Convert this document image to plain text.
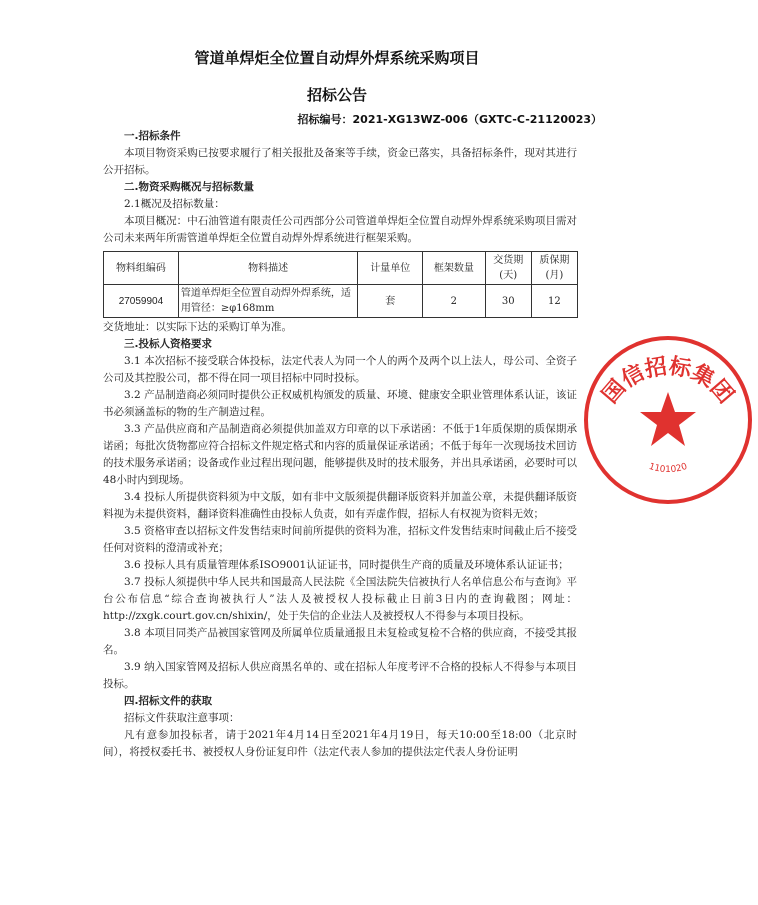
管道单焊炬全位置自动焊外焊系统采购项目
招标公告
招标编号：2021-XG13WZ-006（GXTC-C-21120023）

一.招标条件

本项目物资采购已按要求履行了相关报批及备案等手续，资金已落实，具备招标条件，现对其进行公开招标。

二.物资采购概况与招标数量

2.1概况及招标数量：

本项目概况：中石油管道有限责任公司西部分公司管道单焊炬全位置自动焊外焊系统采购项目需对公司未来两年所需管道单焊炬全位置自动焊外焊系统进行框架采购。

物料组编码	物料描述	计量单位	框架数量	交货期(天)	质保期(月)
27059904	管道单焊炬全位置自动焊外焊系统，适用管径：≥φ168mm	套	2	30	12

交货地址：以实际下达的采购订单为准。

三.投标人资格要求

3.1 本次招标不接受联合体投标，法定代表人为同一个人的两个及两个以上法人，母公司、全资子公司及其控股公司，都不得在同一项目招标中同时投标。

3.2 产品制造商必须同时提供公正权威机构颁发的质量、环境、健康安全职业管理体系认证，该证书必须涵盖标的物的生产制造过程。

3.3 产品供应商和产品制造商必须提供加盖双方印章的以下承诺函：不低于1年质保期的质保期承诺函；每批次货物都应符合招标文件规定格式和内容的质量保证承诺函；不低于每年一次现场技术回访的技术服务承诺函；设备或作业过程出现问题，能够提供及时的技术服务，并出具承诺函，必要时可以48小时内到现场。

3.4 投标人所提供资料须为中文版，如有非中文版须提供翻译版资料并加盖公章，未提供翻译版资料视为未提供资料，翻译资料准确性由投标人负责，如有弄虚作假，招标人有权视为资料无效；

3.5 资格审查以招标文件发售结束时间前所提供的资料为准，招标文件发售结束时间截止后不接受任何对资料的澄清或补充；

3.6 投标人具有质量管理体系ISO9001认证证书，同时提供生产商的质量及环境体系认证证书；

3.7 投标人须提供中华人民共和国最高人民法院《全国法院失信被执行人名单信息公布与查询》平台公布信息“综合查询被执行人”法人及被授权人投标截止日前3日内的查询截图；网址： http://zxgk.court.gov.cn/shixin/，处于失信的企业法人及被授权人不得参与本项目投标。

3.8 本项目同类产品被国家管网及所属单位质量通报且未复检或复检不合格的供应商，不接受其报名。

3.9 纳入国家管网及招标人供应商黑名单的、或在招标人年度考评不合格的投标人不得参与本项目投标。

四.招标文件的获取

招标文件获取注意事项：

凡有意参加投标者，请于2021年4月14日至2021年4月19日，每天10:00至18:00（北京时间），将授权委托书、被授权人身份证复印件（法定代表人参加的提供法定代表人身份证明

国信招标集团
1101020
